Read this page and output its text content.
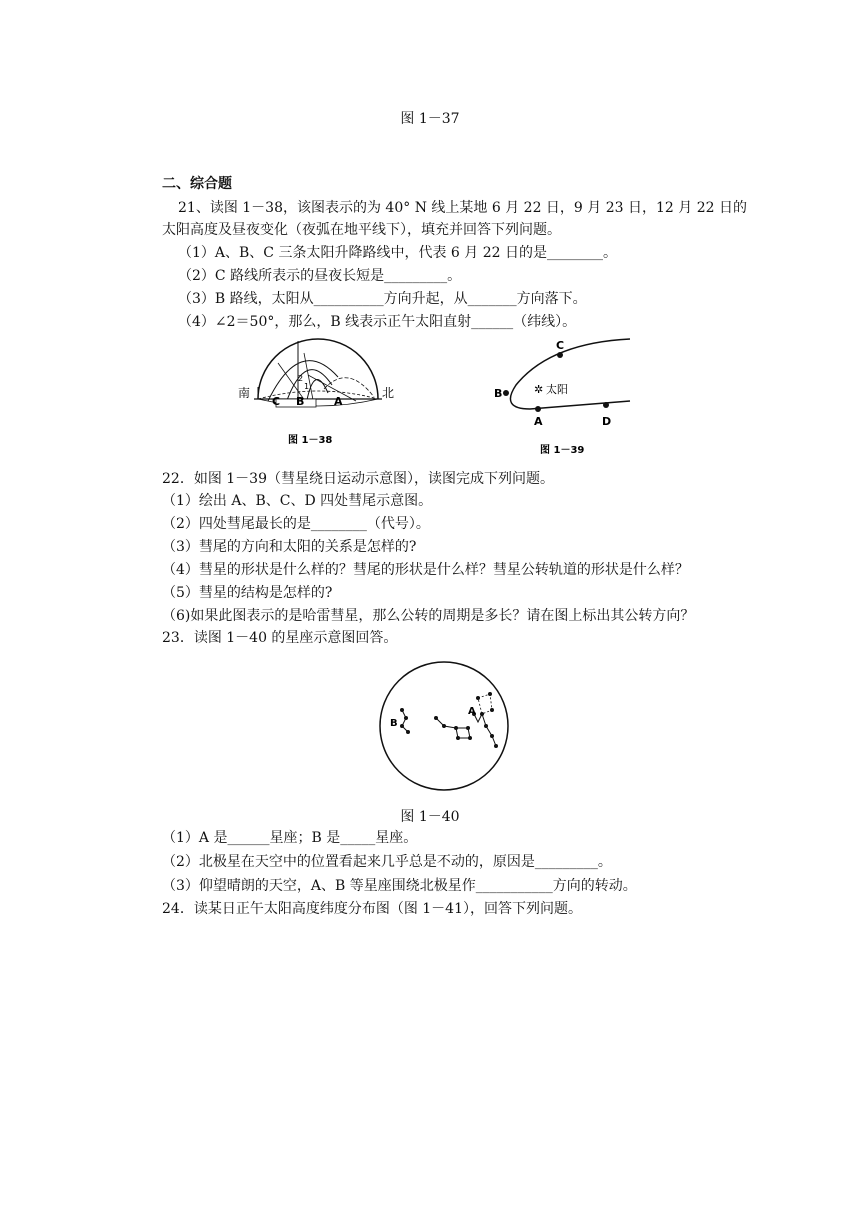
图 1－37
二、综合题
21、读图 1－38，该图表示的为 40° N 线上某地 6 月 22 日，9 月 23 日，12 月 22 日的
太阳高度及昼夜变化（夜弧在地平线下），填充并回答下列问题。
（1）A、B、C 三条太阳升降路线中，代表 6 月 22 日的是________。
（2）C 路线所表示的昼夜长短是_________。
（3）B 路线，太阳从__________方向升起，从_______方向落下。
（4）∠2＝50°，那么，B 线表示正午太阳直射______（纬线）。
南	北
C B	A
1
2
图 1－38
C
B
A	D
✲ 太阳
图 1－39
22．如图 1－39（彗星绕日运动示意图），读图完成下列问题。
（1）绘出 A、B、C、D 四处彗尾示意图。
（2）四处彗尾最长的是________（代号）。
（3）彗尾的方向和太阳的关系是怎样的?
（4）彗星的形状是什么样的？彗尾的形状是什么样？彗星公转轨道的形状是什么样？
（5）彗星的结构是怎样的?
（6)如果此图表示的是哈雷彗星，那么公转的周期是多长？请在图上标出其公转方向？
23．读图 1－40 的星座示意图回答。
B
A
图 1－40
（1）A 是______星座；B 是_____星座。
（2）北极星在天空中的位置看起来几乎总是不动的，原因是_________。
（3）仰望晴朗的天空，A、B 等星座围绕北极星作___________方向的转动。
24．读某日正午太阳高度纬度分布图（图 1－41），回答下列问题。
